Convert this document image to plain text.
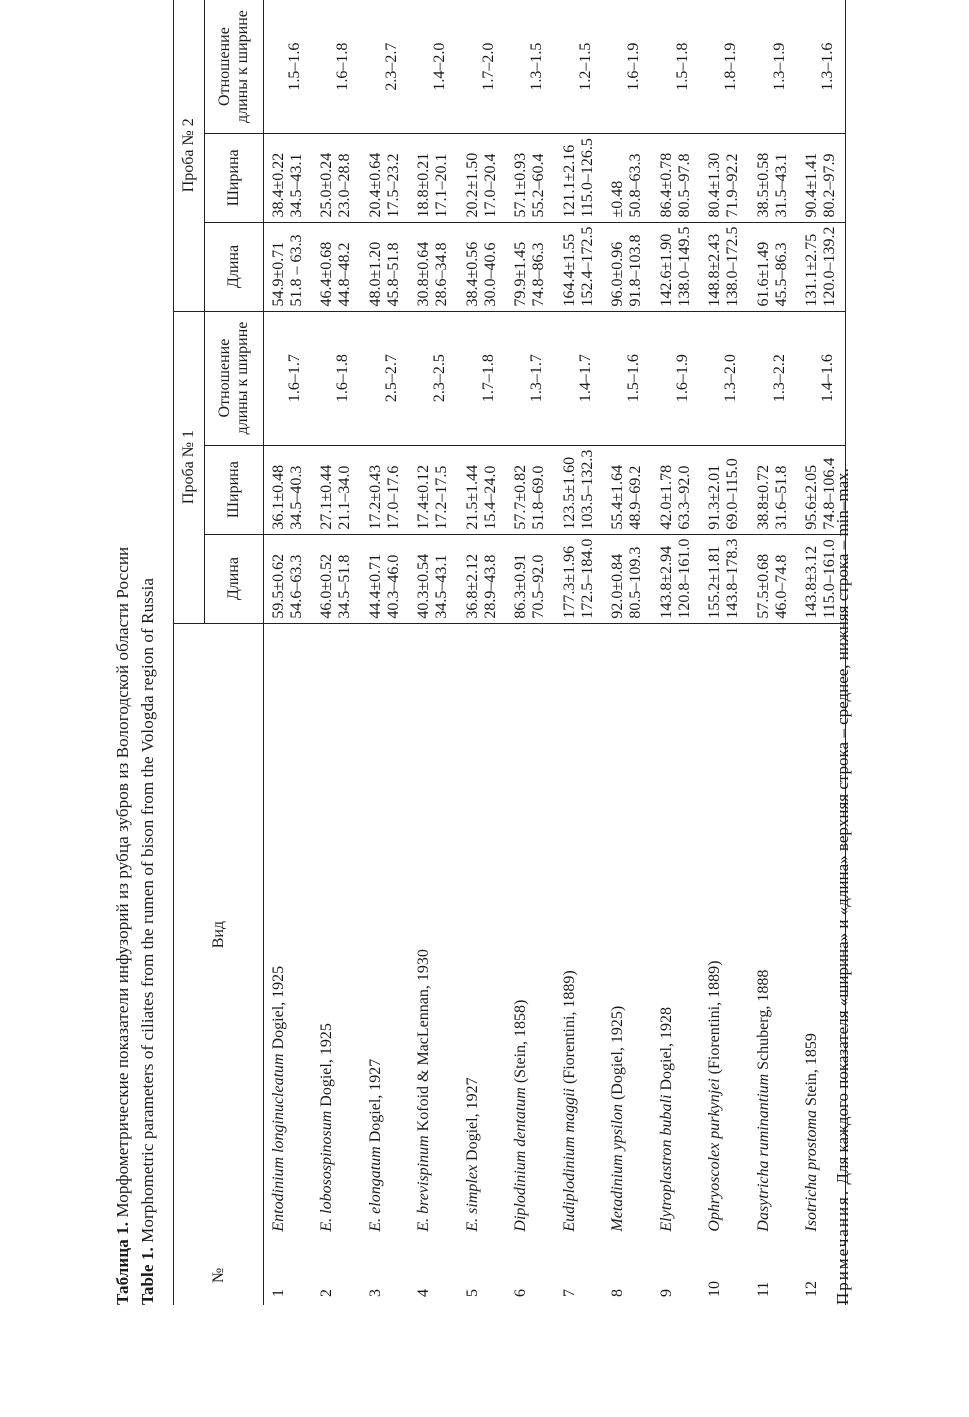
Таблица 1. Морфометрические показатели инфузорий из рубца зубров из Вологодской области России
Table 1. Morphometric parameters of ciliates from the rumen of bison from the Vologda region of Russia
№	Вид	Проба № 1			Проба № 2		
		Длина	Ширина	Отношение длины к ширине	Длина	Ширина	Отношение длины к ширине

1	Entodinium longinucleatum Dogiel, 1925	59.5±0.62 54.6–63.3	36.1±0.48 34.5–40.3	1.6–1.7	54.9±0.71 51.8 – 63.3	38.4±0.22 34.5–43.1	1.5–1.6
2	E. lobosospinosum Dogiel, 1925	46.0±0.52 34.5–51.8	27.1±0.44 21.1–34.0	1.6–1.8	46.4±0.68 44.8–48.2	25.0±0.24 23.0–28.8	1.6–1.8
3	E. elongatum Dogiel, 1927	44.4±0.71 40.3–46.0	17.2±0.43 17.0–17.6	2.5–2.7	48.0±1.20 45.8–51.8	20.4±0.64 17.5–23.2	2.3–2.7
4	E. brevispinum Kofoid & MacLennan, 1930	40.3±0.54 34.5–43.1	17.4±0.12 17.2–17.5	2.3–2.5	30.8±0.64 28.6–34.8	18.8±0.21 17.1–20.1	1.4–2.0
5	E. simplex Dogiel, 1927	36.8±2.12 28.9–43.8	21.5±1.44 15.4–24.0	1.7–1.8	38.4±0.56 30.0–40.6	20.2±1.50 17.0–20.4	1.7–2.0
6	Diplodinium dentatum (Stein, 1858)	86.3±0.91 70.5–92.0	57.7±0.82 51.8–69.0	1.3–1.7	79.9±1.45 74.8–86.3	57.1±0.93 55.2–60.4	1.3–1.5
7	Eudiplodinium maggii (Fiorentini, 1889)	177.3±1.96 172.5–184.0	123.5±1.60 103.5–132.3	1.4–1.7	164.4±1.55 152.4–172.5	121.1±2.16 115.0–126.5	1.2–1.5
8	Metadinium ypsilon (Dogiel, 1925)	92.0±0.84 80.5–109.3	55.4±1.64 48.9–69.2	1.5–1.6	96.0±0.96 91.8–103.8	±0.48 50.8–63.3	1.6–1.9
9	Elytroplastron bubali Dogiel, 1928	143.8±2.94 120.8–161.0	42.0±1.78 63.3–92.0	1.6–1.9	142.6±1.90 138.0–149.5	86.4±0.78 80.5–97.8	1.5–1.8
10	Ophryoscolex purkynjei (Fiorentini, 1889)	155.2±1.81 143.8–178.3	91.3±2.01 69.0–115.0	1.3–2.0	148.8±2.43 138.0–172.5	80.4±1.30 71.9–92.2	1.8–1.9
11	Dasytricha ruminantium Schuberg, 1888	57.5±0.68 46.0–74.8	38.8±0.72 31.6–51.8	1.3–2.2	61.6±1.49 45.5–86.3	38.5±0.58 31.5–43.1	1.3–1.9
12	Isotricha prostoma Stein, 1859	143.8±3.12 115.0–161.0	95.6±2.05 74.8–106.4	1.4–1.6	131.1±2.75 120.0–139.2	90.4±1.41 80.2–97.9	1.3–1.6
Примечания. Для каждого показателя «ширина» и «длина» верхняя строка – среднее, нижняя строка – min–max.
